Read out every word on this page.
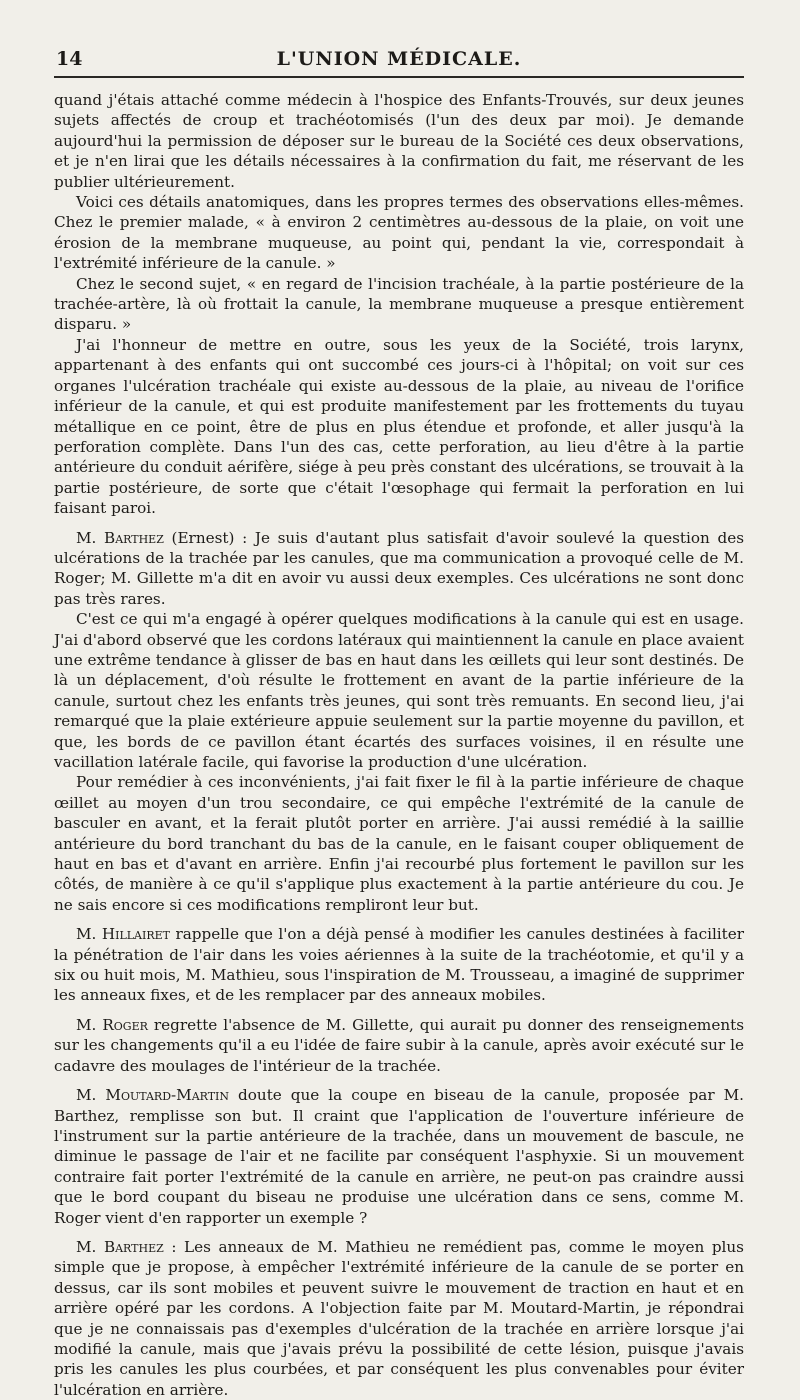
14	L'UNION MÉDICALE.

quand j'étais attaché comme médecin à l'hospice des Enfants-Trouvés, sur deux jeunes sujets affectés de croup et trachéotomisés (l'un des deux par moi). Je demande aujourd'hui la permission de déposer sur le bureau de la Société ces deux observations, et je n'en lirai que les détails nécessaires à la confirmation du fait, me réservant de les publier ultérieurement.

Voici ces détails anatomiques, dans les propres termes des observations elles-mêmes. Chez le premier malade, « à environ 2 centimètres au-dessous de la plaie, on voit une érosion de la membrane muqueuse, au point qui, pendant la vie, correspondait à l'extrémité inférieure de la canule. »

Chez le second sujet, « en regard de l'incision trachéale, à la partie postérieure de la trachée-artère, là où frottait la canule, la membrane muqueuse a presque entièrement disparu. »

J'ai l'honneur de mettre en outre, sous les yeux de la Société, trois larynx, appartenant à des enfants qui ont succombé ces jours-ci à l'hôpital; on voit sur ces organes l'ulcération trachéale qui existe au-dessous de la plaie, au niveau de l'orifice inférieur de la canule, et qui est produite manifestement par les frottements du tuyau métallique en ce point, être de plus en plus étendue et profonde, et aller jusqu'à la perforation complète. Dans l'un des cas, cette perforation, au lieu d'être à la partie antérieure du conduit aérifère, siége à peu près constant des ulcérations, se trouvait à la partie postérieure, de sorte que c'était l'œsophage qui fermait la perforation en lui faisant paroi.

M. Barthez (Ernest) : Je suis d'autant plus satisfait d'avoir soulevé la question des ulcérations de la trachée par les canules, que ma communication a provoqué celle de M. Roger; M. Gillette m'a dit en avoir vu aussi deux exemples. Ces ulcérations ne sont donc pas très rares.

C'est ce qui m'a engagé à opérer quelques modifications à la canule qui est en usage. J'ai d'abord observé que les cordons latéraux qui maintiennent la canule en place avaient une extrême tendance à glisser de bas en haut dans les œillets qui leur sont destinés. De là un déplacement, d'où résulte le frottement en avant de la partie inférieure de la canule, surtout chez les enfants très jeunes, qui sont très remuants. En second lieu, j'ai remarqué que la plaie extérieure appuie seulement sur la partie moyenne du pavillon, et que, les bords de ce pavillon étant écartés des surfaces voisines, il en résulte une vacillation latérale facile, qui favorise la production d'une ulcération.

Pour remédier à ces inconvénients, j'ai fait fixer le fil à la partie inférieure de chaque œillet au moyen d'un trou secondaire, ce qui empêche l'extrémité de la canule de basculer en avant, et la ferait plutôt porter en arrière. J'ai aussi remédié à la saillie antérieure du bord tranchant du bas de la canule, en le faisant couper obliquement de haut en bas et d'avant en arrière. Enfin j'ai recourbé plus fortement le pavillon sur les côtés, de manière à ce qu'il s'applique plus exactement à la partie antérieure du cou. Je ne sais encore si ces modifications rempliront leur but.

M. Hillairet rappelle que l'on a déjà pensé à modifier les canules destinées à faciliter la pénétration de l'air dans les voies aériennes à la suite de la trachéotomie, et qu'il y a six ou huit mois, M. Mathieu, sous l'inspiration de M. Trousseau, a imaginé de supprimer les anneaux fixes, et de les remplacer par des anneaux mobiles.

M. Roger regrette l'absence de M. Gillette, qui aurait pu donner des renseignements sur les changements qu'il a eu l'idée de faire subir à la canule, après avoir exécuté sur le cadavre des moulages de l'intérieur de la trachée.

M. Moutard-Martin doute que la coupe en biseau de la canule, proposée par M. Barthez, remplisse son but. Il craint que l'application de l'ouverture inférieure de l'instrument sur la partie antérieure de la trachée, dans un mouvement de bascule, ne diminue le passage de l'air et ne facilite par conséquent l'asphyxie. Si un mouvement contraire fait porter l'extrémité de la canule en arrière, ne peut-on pas craindre aussi que le bord coupant du biseau ne produise une ulcération dans ce sens, comme M. Roger vient d'en rapporter un exemple ?

M. Barthez : Les anneaux de M. Mathieu ne remédient pas, comme le moyen plus simple que je propose, à empêcher l'extrémité inférieure de la canule de se porter en dessus, car ils sont mobiles et peuvent suivre le mouvement de traction en haut et en arrière opéré par les cordons. A l'objection faite par M. Moutard-Martin, je répondrai que je ne connaissais pas d'exemples d'ulcération de la trachée en arrière lorsque j'ai modifié la canule, mais que j'avais prévu la possibilité de cette lésion, puisque j'avais pris les canules les plus courbées, et par conséquent les plus convenables pour éviter l'ulcération en arrière.
